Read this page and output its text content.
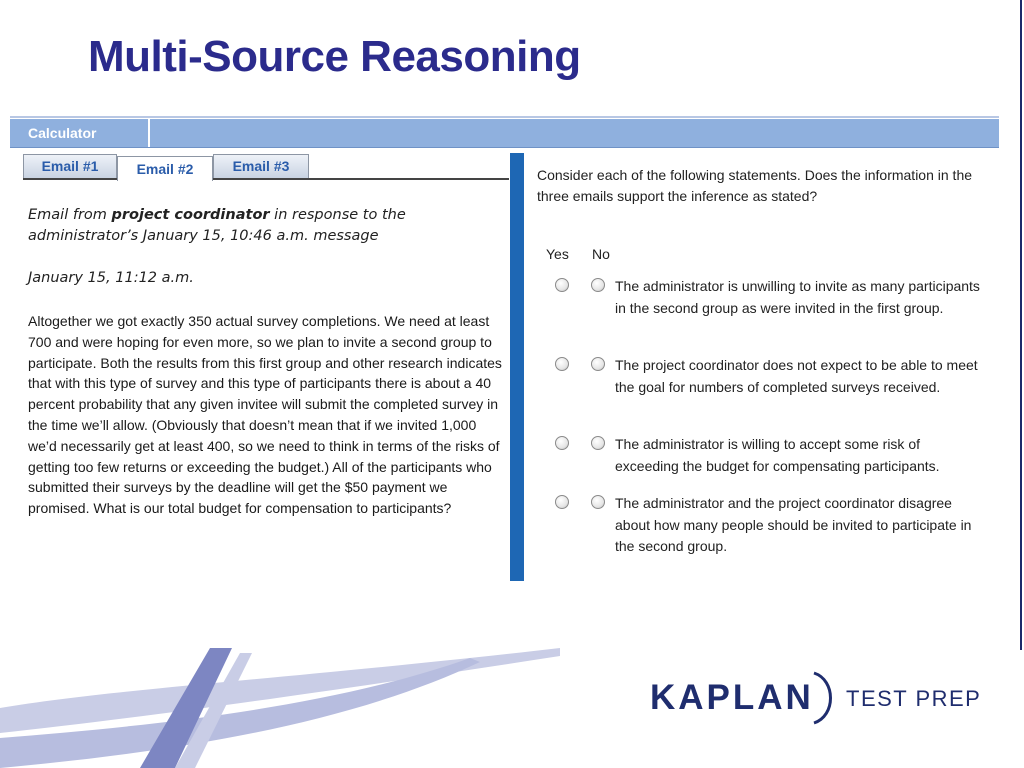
Multi-Source Reasoning
Calculator
Email #1	Email #2	Email #3
Email from project coordinator in response to the administrator’s January 15, 10:46 a.m. message
January 15, 11:12 a.m.
Altogether we got exactly 350 actual survey completions. We need at least 700 and were hoping for even more, so we plan to invite a second group to participate. Both the results from this first group and other research indicates that with this type of survey and this type of participants there is about a 40 percent probability that any given invitee will submit the completed survey in the time we’ll allow. (Obviously that doesn’t mean that if we invited 1,000 we’d necessarily get at least 400, so we need to think in terms of the risks of getting too few returns or exceeding the budget.) All of the participants who submitted their surveys by the deadline will get the $50 payment we promised. What is our total budget for compensation to participants?
Consider each of the following statements. Does the information in the three emails support the inference as stated?
Yes No
The administrator is unwilling to invite as many participants in the second group as were invited in the first group.
The project coordinator does not expect to be able to meet the goal for numbers of completed surveys received.
The administrator is willing to accept some risk of exceeding the budget for compensating participants.
The administrator and the project coordinator disagree about how many people should be invited to participate in the second group.
KAPLAN TEST PREP
